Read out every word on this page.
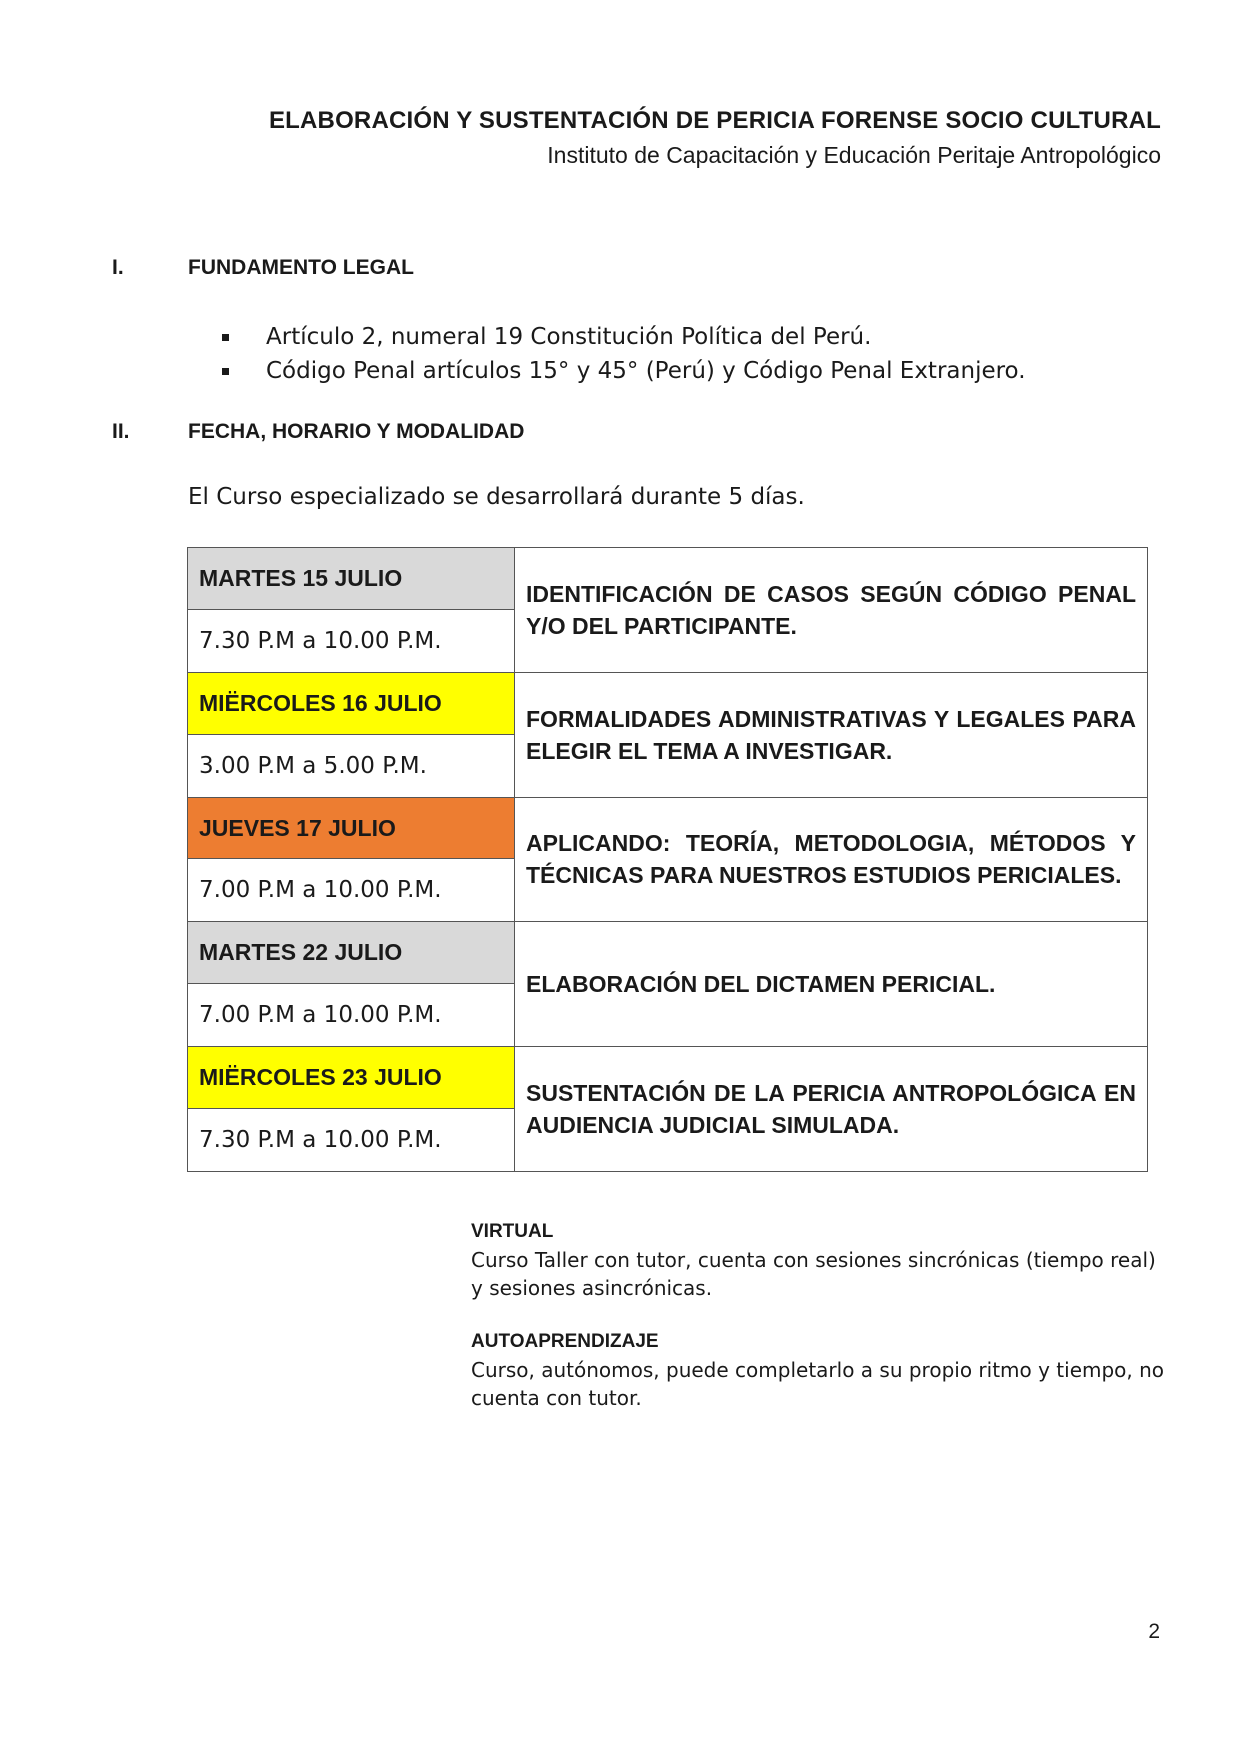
ELABORACIÓN Y SUSTENTACIÓN DE PERICIA FORENSE SOCIO CULTURAL
Instituto de Capacitación y Educación Peritaje Antropológico
I.	FUNDAMENTO LEGAL
Artículo 2, numeral 19 Constitución Política del Perú.
Código Penal artículos 15° y 45° (Perú) y Código Penal Extranjero.
II.	FECHA, HORARIO Y MODALIDAD
El Curso especializado se desarrollará durante 5 días.
MARTES 15 JULIO	IDENTIFICACIÓN DE CASOS SEGÚN CÓDIGO PENAL Y/O DEL PARTICIPANTE.
7.30 P.M a 10.00 P.M.	
MIËRCOLES 16 JULIO	FORMALIDADES ADMINISTRATIVAS Y LEGALES PARA ELEGIR EL TEMA A INVESTIGAR.
3.00 P.M a 5.00 P.M.	
JUEVES 17 JULIO	APLICANDO: TEORÍA, METODOLOGIA, MÉTODOS Y TÉCNICAS PARA NUESTROS ESTUDIOS PERICIALES.
7.00 P.M a 10.00 P.M.	
MARTES 22 JULIO	ELABORACIÓN DEL DICTAMEN PERICIAL.
7.00 P.M a 10.00 P.M.	
MIËRCOLES 23 JULIO	SUSTENTACIÓN DE LA PERICIA ANTROPOLÓGICA EN AUDIENCIA JUDICIAL SIMULADA.
7.30 P.M a 10.00 P.M.	
VIRTUAL
Curso Taller con tutor, cuenta con sesiones sincrónicas (tiempo real) y sesiones asincrónicas.
AUTOAPRENDIZAJE
Curso, autónomos, puede completarlo a su propio ritmo y tiempo, no cuenta con tutor.
2
